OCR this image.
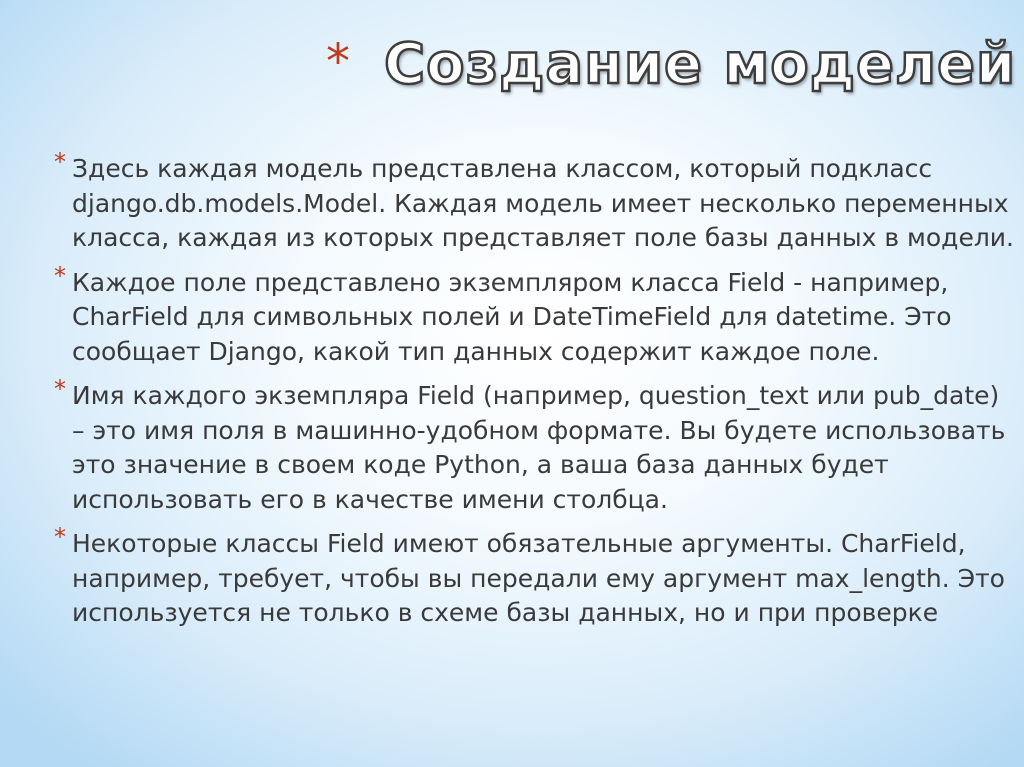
* Создание моделей
* Здесь каждая модель представлена классом, который подкласс django.db.models.Model. Каждая модель имеет несколько переменных класса, каждая из которых представляет поле базы данных в модели.
* Каждое поле представлено экземпляром класса Field - например, CharField для символьных полей и DateTimeField для datetime. Это сообщает Django, какой тип данных содержит каждое поле.
* Имя каждого экземпляра Field (например, question_text или pub_date) – это имя поля в машинно-удобном формате. Вы будете использовать это значение в своем коде Python, а ваша база данных будет использовать его в качестве имени столбца.
* Некоторые классы Field имеют обязательные аргументы. CharField, например, требует, чтобы вы передали ему аргумент max_length. Это используется не только в схеме базы данных, но и при проверке
